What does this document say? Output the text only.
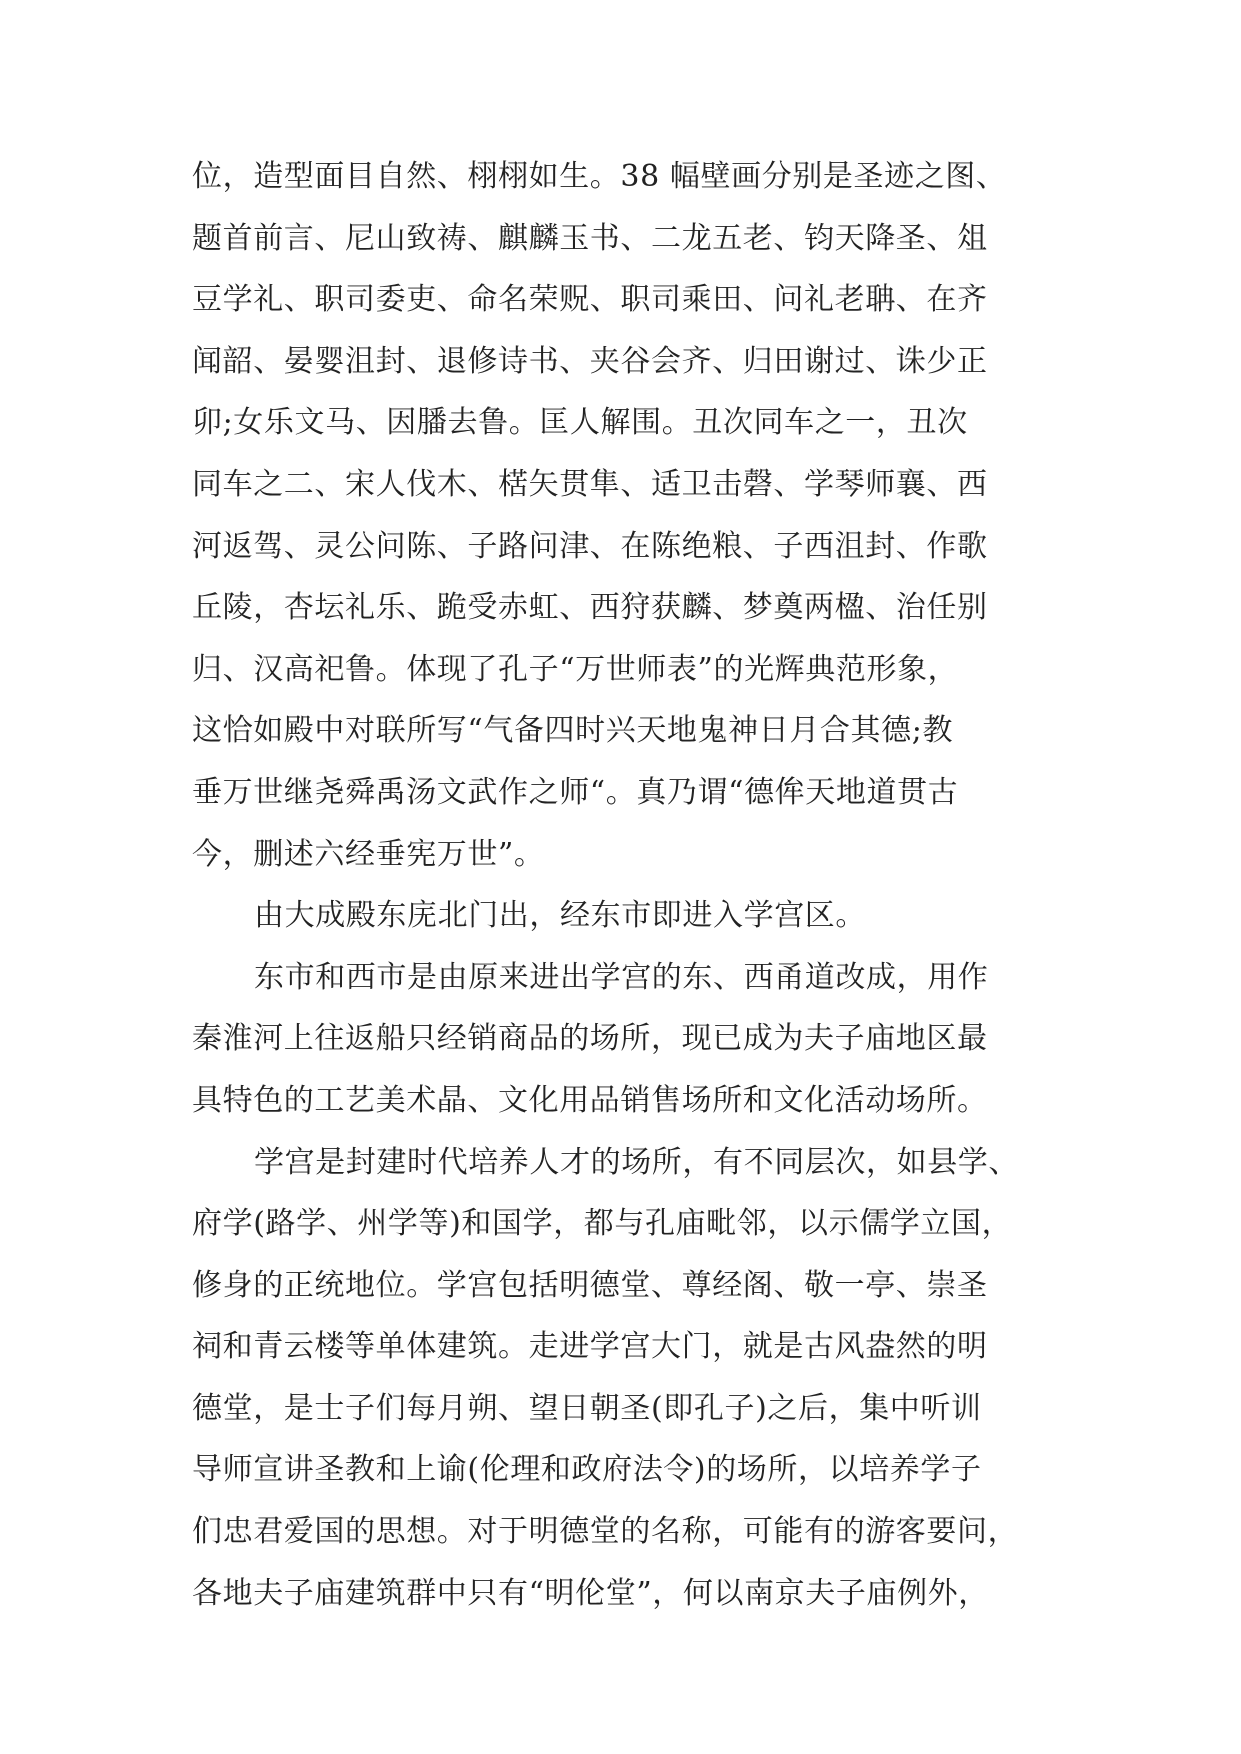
位，造型面目自然、栩栩如生。38 幅壁画分别是圣迹之图、
题首前言、尼山致祷、麒麟玉书、二龙五老、钧天降圣、俎
豆学礼、职司委吏、命名荣贶、职司乘田、问礼老聃、在齐
闻韶、晏婴沮封、退修诗书、夹谷会齐、归田谢过、诛少正
卯;女乐文马、因膰去鲁。匡人解围。丑次同车之一，丑次
同车之二、宋人伐木、楛矢贯隼、适卫击磬、学琴师襄、西
河返驾、灵公问陈、子路问津、在陈绝粮、子西沮封、作歌
丘陵，杏坛礼乐、跪受赤虹、西狩获麟、梦奠两楹、治任别
归、汉高祀鲁。体现了孔子“万世师表”的光辉典范形象，
这恰如殿中对联所写“气备四时兴天地鬼神日月合其德;教
垂万世继尧舜禹汤文武作之师“。真乃谓“德侔天地道贯古
今，删述六经垂宪万世”。

由大成殿东庑北门出，经东市即进入学宫区。

东市和西市是由原来进出学宫的东、西甬道改成，用作
秦淮河上往返船只经销商品的场所，现已成为夫子庙地区最
具特色的工艺美术晶、文化用品销售场所和文化活动场所。

学宫是封建时代培养人才的场所，有不同层次，如县学、
府学(路学、州学等)和国学，都与孔庙毗邻，以示儒学立国，
修身的正统地位。学宫包括明德堂、尊经阁、敬一亭、崇圣
祠和青云楼等单体建筑。走进学宫大门，就是古风盎然的明
德堂，是士子们每月朔、望日朝圣(即孔子)之后，集中听训
导师宣讲圣教和上谕(伦理和政府法令)的场所，以培养学子
们忠君爱国的思想。对于明德堂的名称，可能有的游客要问，
各地夫子庙建筑群中只有“明伦堂”，何以南京夫子庙例外，
